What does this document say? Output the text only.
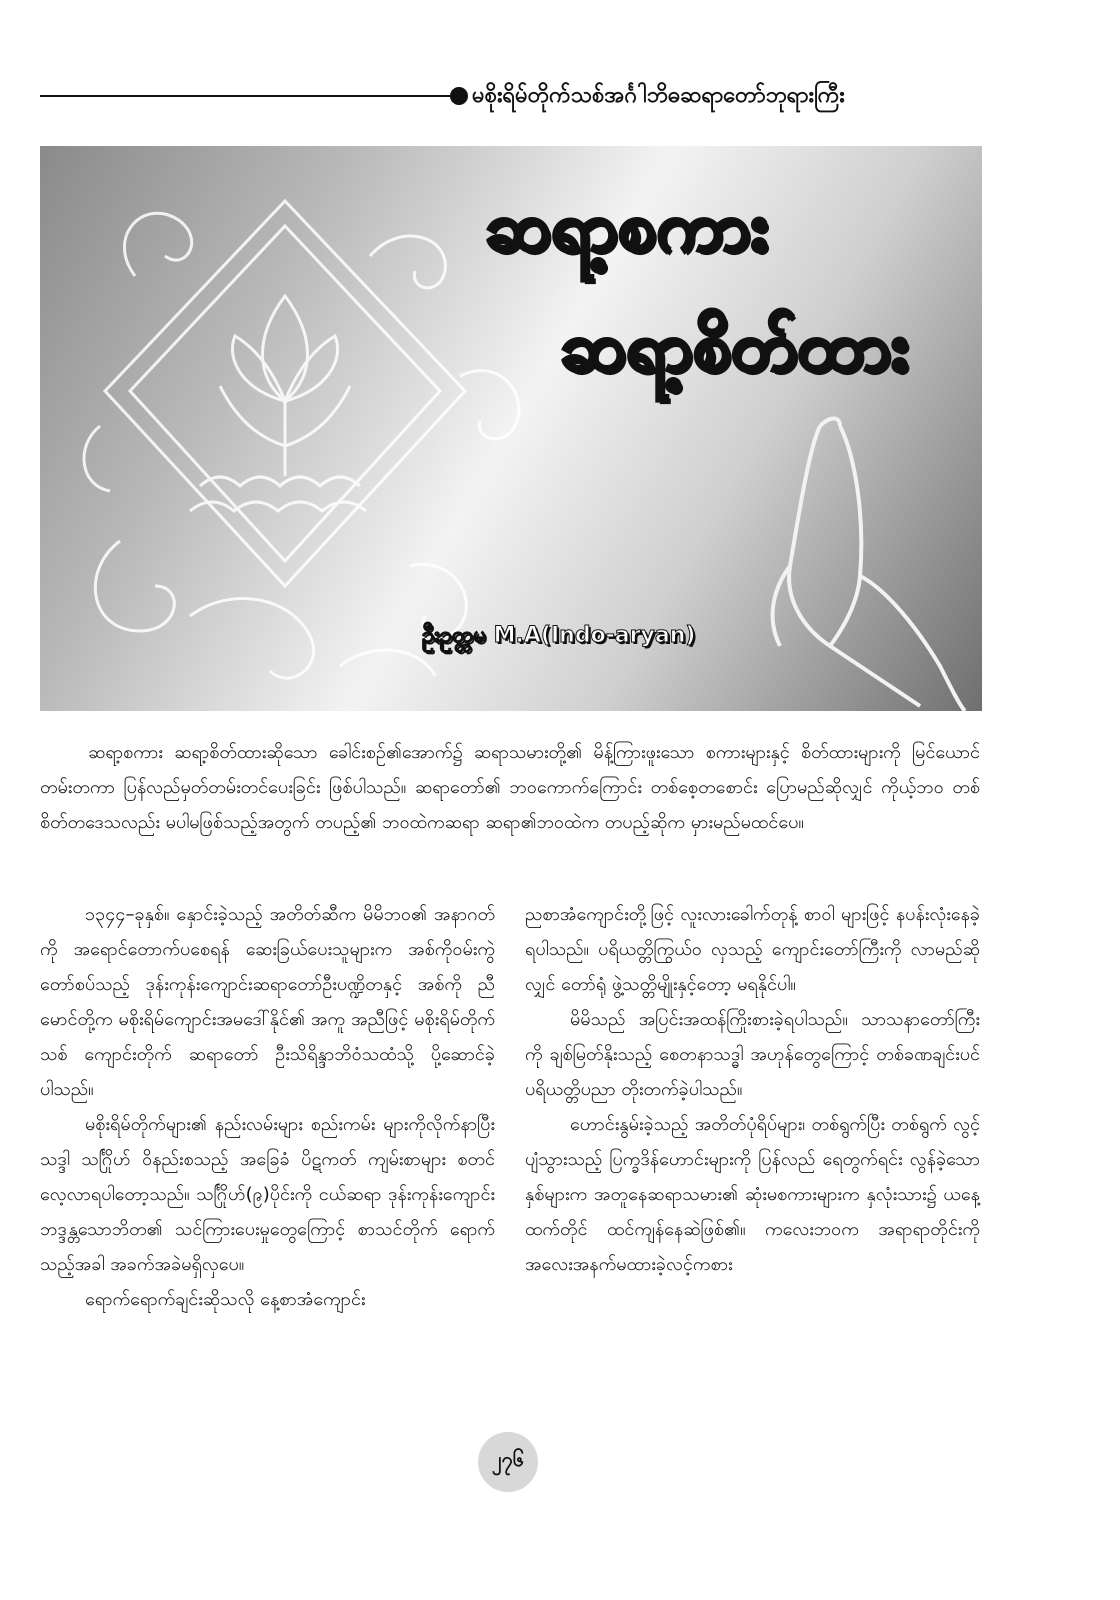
မစိုးရိမ်တိုက်သစ်အင်္ဂါဘိဓဆရာတော်ဘုရားကြီး
ဆရာ့စကား
ဆရာ့စိတ်ထား
ဦးဥတ္တမ M.A(Indo-aryan)
ဆရာ့စကား ဆရာ့စိတ်ထားဆိုသော ခေါင်းစဉ်၏အောက်၌ ဆရာသမားတို့၏ မိန့်ကြားဖူးသော စကားများနှင့် စိတ်ထားများကို မြင်ယောင်တမ်းတကာ ပြန်လည်မှတ်တမ်းတင်ပေးခြင်း ဖြစ်ပါသည်။ ဆရာတော်၏ ဘဝကောက်ကြောင်း တစ်စေ့တစောင်း ပြောမည်ဆိုလျှင် ကိုယ့်ဘဝ တစ်စိတ်တဒေသလည်း မပါမဖြစ်သည့်အတွက် တပည့်၏ ဘဝထဲကဆရာ ဆရာ၏ဘဝထဲက တပည့်ဆိုက မှားမည်မထင်ပေ။

၁၃၄၄–ခုနှစ်။ နှောင်းခဲ့သည့် အတိတ်ဆီက မိမိဘဝ၏ အနာဂတ်ကို အရောင်တောက်ပစေရန် ဆေးခြယ်ပေးသူများက အစ်ကိုဝမ်းကွဲတော်စပ်သည့် ဒုန်းကုန်းကျောင်းဆရာတော်ဦးပဏ္ဍိတနှင့် အစ်ကို ညီမောင်တို့က မစိုးရိမ်ကျောင်းအမဒေါ်နိုင်၏ အကူ အညီဖြင့် မစိုးရိမ်တိုက်သစ် ကျောင်းတိုက် ဆရာတော် ဦးသိရိန္ဒာဘိဝံသထံသို့ ပို့ဆောင်ခဲ့ပါသည်။

မစိုးရိမ်တိုက်များ၏ နည်းလမ်းများ စည်းကမ်း များကိုလိုက်နာပြီး သဒ္ဒါ သင်္ဂြိုဟ် ဝိနည်းစသည့် အခြေခံ ပိဋကတ် ကျမ်းစာများ စတင်လေ့လာရပါတော့သည်။ သင်္ဂြိုဟ်(၉)ပိုင်းကို ငယ်ဆရာ ဒုန်းကုန်းကျောင်း ဘဒ္ဒန္တသောဘိတ၏ သင်ကြားပေးမှုတွေကြောင့် စာသင်တိုက် ရောက်သည့်အခါ အခက်အခဲမရှိလှပေ။

ရောက်ရောက်ချင်းဆိုသလို နေ့စာအံကျောင်း

ညစာအံကျောင်းတို့ဖြင့် လူးလားခေါက်တုန့် စာဝါ များဖြင့် နပန်းလုံးနေခဲ့ရပါသည်။ ပရိယတ္တိကြွယ်ဝ လှသည့် ကျောင်းတော်ကြီးကို လာမည်ဆိုလျှင် တော်ရုံ ဖွဲ့သတ္တိမျိုးနှင့်တော့ မရနိုင်ပါ။

မိမိသည် အပြင်းအထန်ကြိုးစားခဲ့ရပါသည်။ သာသနာတော်ကြီးကို ချစ်မြတ်နိုးသည့် စေတနာသဒ္ဓါ အဟုန်တွေကြောင့် တစ်ခဏချင်းပင် ပရိယတ္တိပညာ တိုးတက်ခဲ့ပါသည်။

ဟောင်းနွမ်းခဲ့သည့် အတိတ်ပုံရိပ်များ၊ တစ်ရွက်ပြီး တစ်ရွက် လွင့်ပျံသွားသည့် ပြက္ခဒိန်ဟောင်းများကို ပြန်လည် ရေတွက်ရင်း လွန်ခဲ့သောနှစ်များက အတူနေဆရာသမား၏ ဆုံးမစကားများက နှလုံးသား၌ ယနေ့ထက်တိုင် ထင်ကျန်နေဆဲဖြစ်၏။ ကလေးဘဝက အရာရာတိုင်းကို အလေးအနက်မထားခဲ့လင့်ကစား

၂၇၆
